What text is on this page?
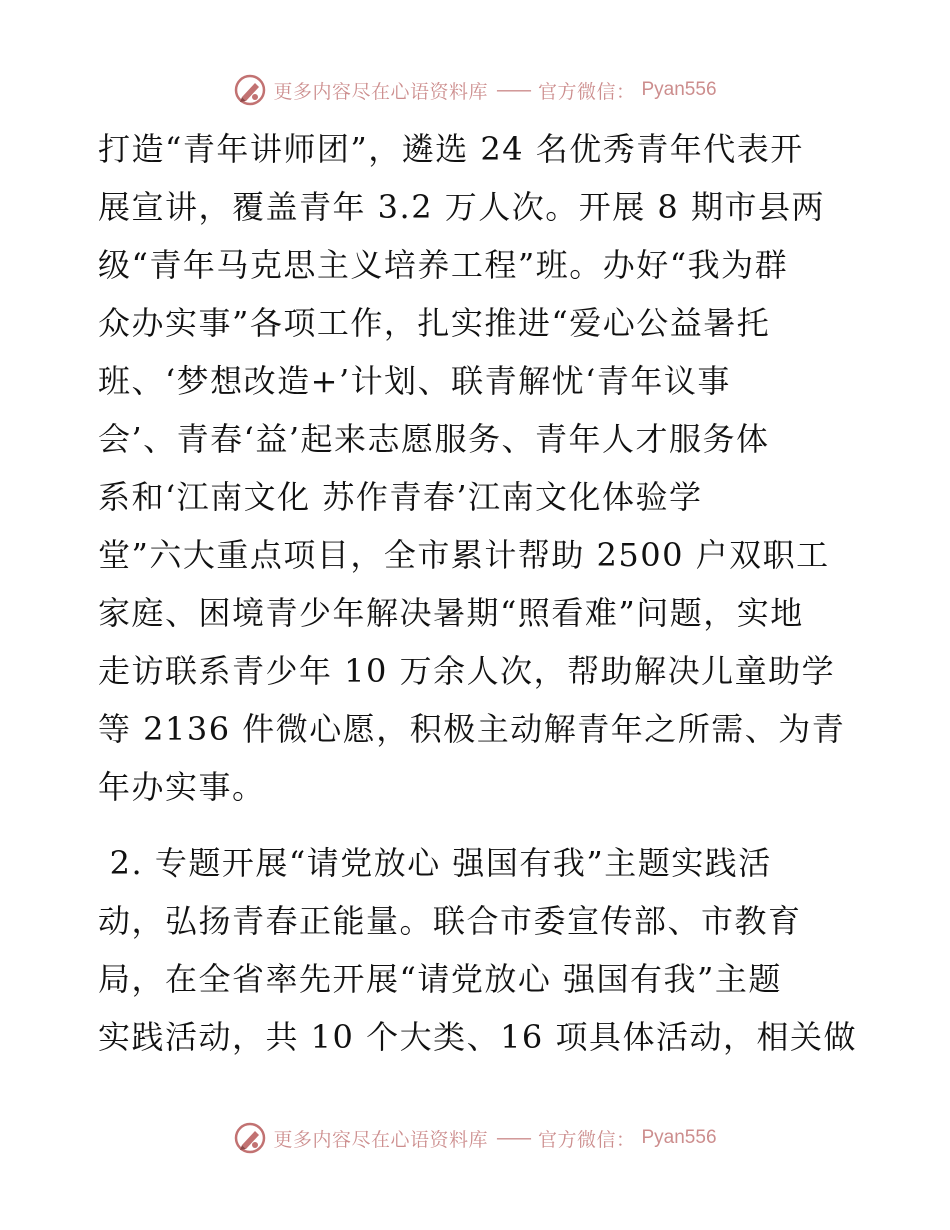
更多内容尽在心语资料库 —— 官方微信： Pyan556
打造“青年讲师团”，遴选 24 名优秀青年代表开
展宣讲，覆盖青年 3.2 万人次。开展 8 期市县两
级“青年马克思主义培养工程”班。办好“我为群
众办实事”各项工作，扎实推进“爱心公益暑托
班、‘梦想改造+’计划、联青解忧‘青年议事
会’、青春‘益’起来志愿服务、青年人才服务体
系和‘江南文化 苏作青春’江南文化体验学
堂”六大重点项目，全市累计帮助 2500 户双职工
家庭、困境青少年解决暑期“照看难”问题，实地
走访联系青少年 10 万余人次，帮助解决儿童助学
等 2136 件微心愿，积极主动解青年之所需、为青
年办实事。
2. 专题开展“请党放心 强国有我”主题实践活
动，弘扬青春正能量。联合市委宣传部、市教育
局，在全省率先开展“请党放心 强国有我”主题
实践活动，共 10 个大类、16 项具体活动，相关做
更多内容尽在心语资料库 —— 官方微信： Pyan556
